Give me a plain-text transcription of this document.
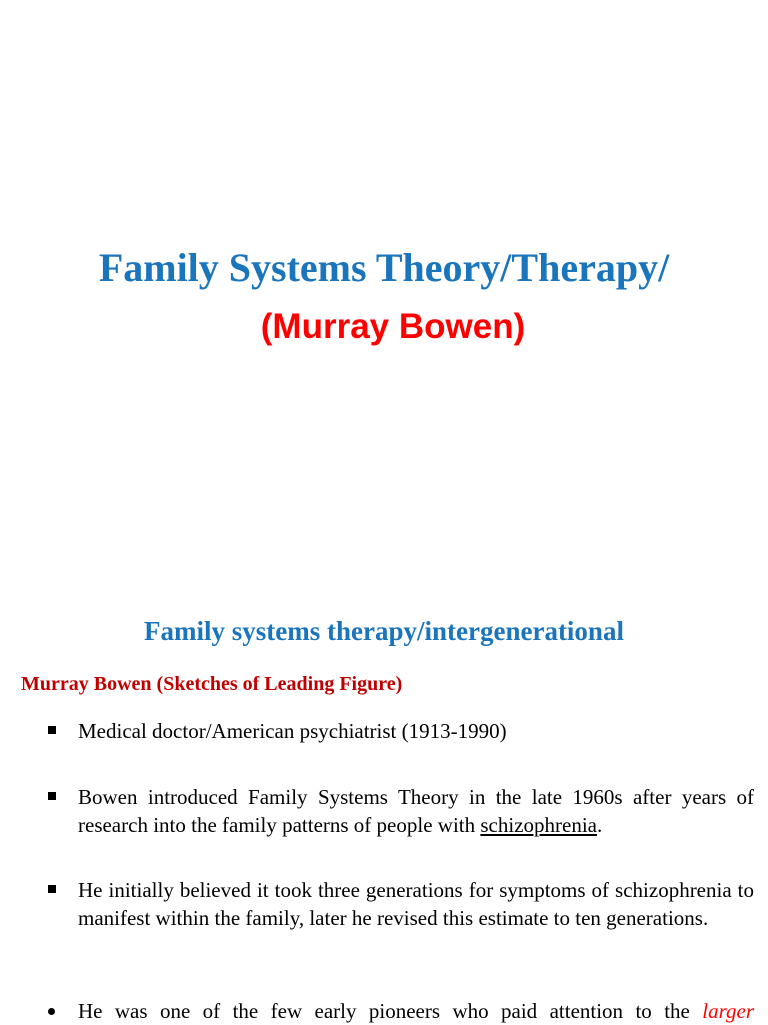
Family Systems Theory/Therapy/
(Murray Bowen)
Family systems therapy/intergenerational
Murray Bowen (Sketches of Leading Figure)

Medical doctor/American psychiatrist (1913-1990)

Bowen introduced Family Systems Theory in the late 1960s after years of research into the family patterns of people with schizophrenia.

He initially believed it took three generations for symptoms of schizophrenia to manifest within the family, later he revised this estimate to ten generations.

He was one of the few early pioneers who paid attention to the larger
